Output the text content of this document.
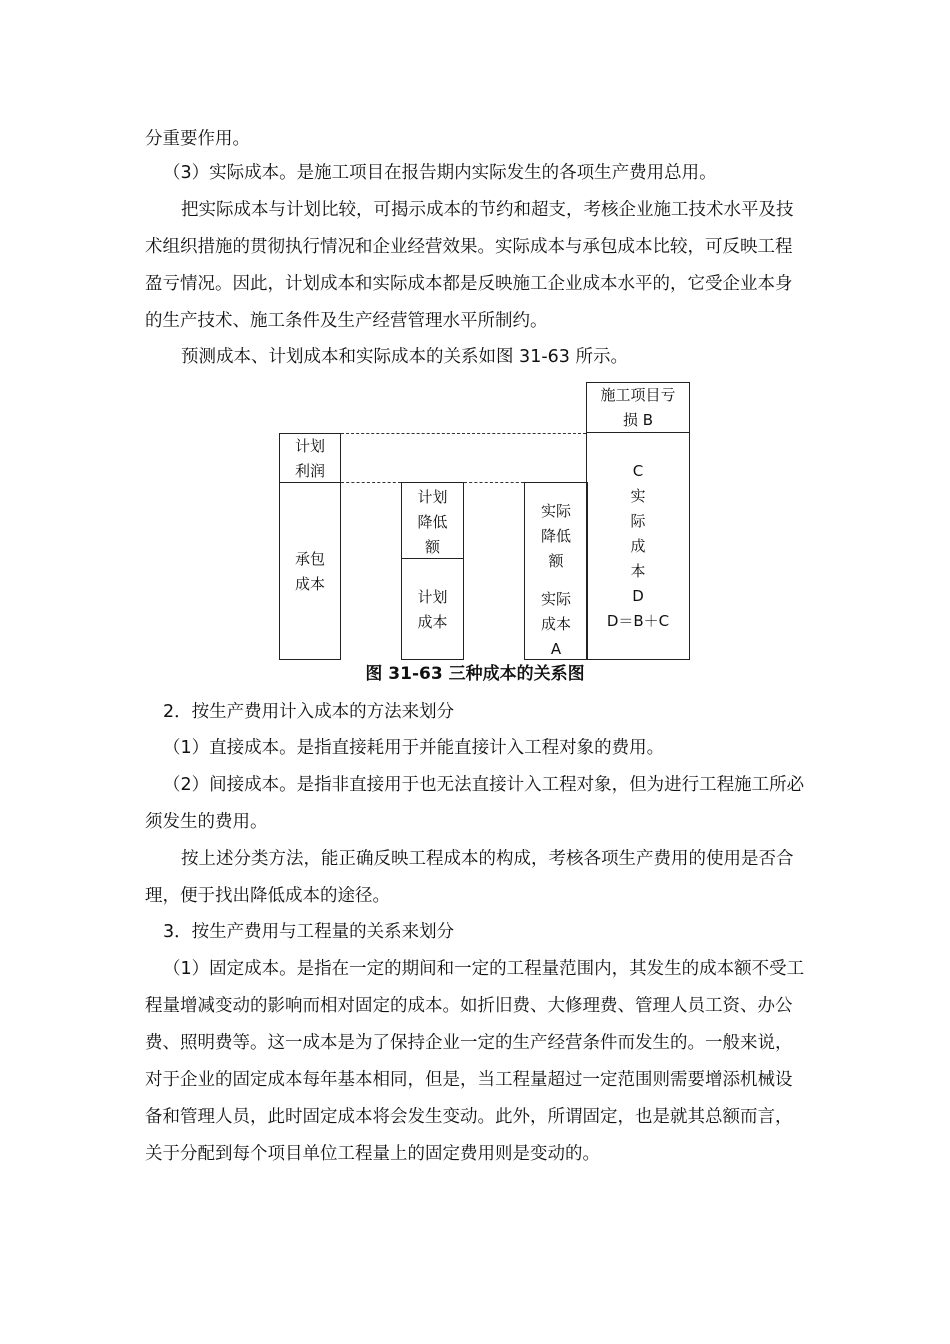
分重要作用。

（3）实际成本。是施工项目在报告期内实际发生的各项生产费用总用。

把实际成本与计划比较，可揭示成本的节约和超支，考核企业施工技术水平及技术组织措施的贯彻执行情况和企业经营效果。实际成本与承包成本比较，可反映工程盈亏情况。因此，计划成本和实际成本都是反映施工企业成本水平的，它受企业本身的生产技术、施工条件及生产经营管理水平所制约。

预测成本、计划成本和实际成本的关系如图 31-63 所示。

计划
利润
承包
成本
计划
降低
额
计划
成本
实际
降低
额
实际
成本
A
施工项目亏
损 B
C
实
际
成
本
D
D＝B＋C
图 31-63 三种成本的关系图

2．按生产费用计入成本的方法来划分

（1）直接成本。是指直接耗用于并能直接计入工程对象的费用。

（2）间接成本。是指非直接用于也无法直接计入工程对象，但为进行工程施工所必须发生的费用。

按上述分类方法，能正确反映工程成本的构成，考核各项生产费用的使用是否合理，便于找出降低成本的途径。

3．按生产费用与工程量的关系来划分

（1）固定成本。是指在一定的期间和一定的工程量范围内，其发生的成本额不受工程量增减变动的影响而相对固定的成本。如折旧费、大修理费、管理人员工资、办公费、照明费等。这一成本是为了保持企业一定的生产经营条件而发生的。一般来说，对于企业的固定成本每年基本相同，但是，当工程量超过一定范围则需要增添机械设备和管理人员，此时固定成本将会发生变动。此外，所谓固定，也是就其总额而言，关于分配到每个项目单位工程量上的固定费用则是变动的。
